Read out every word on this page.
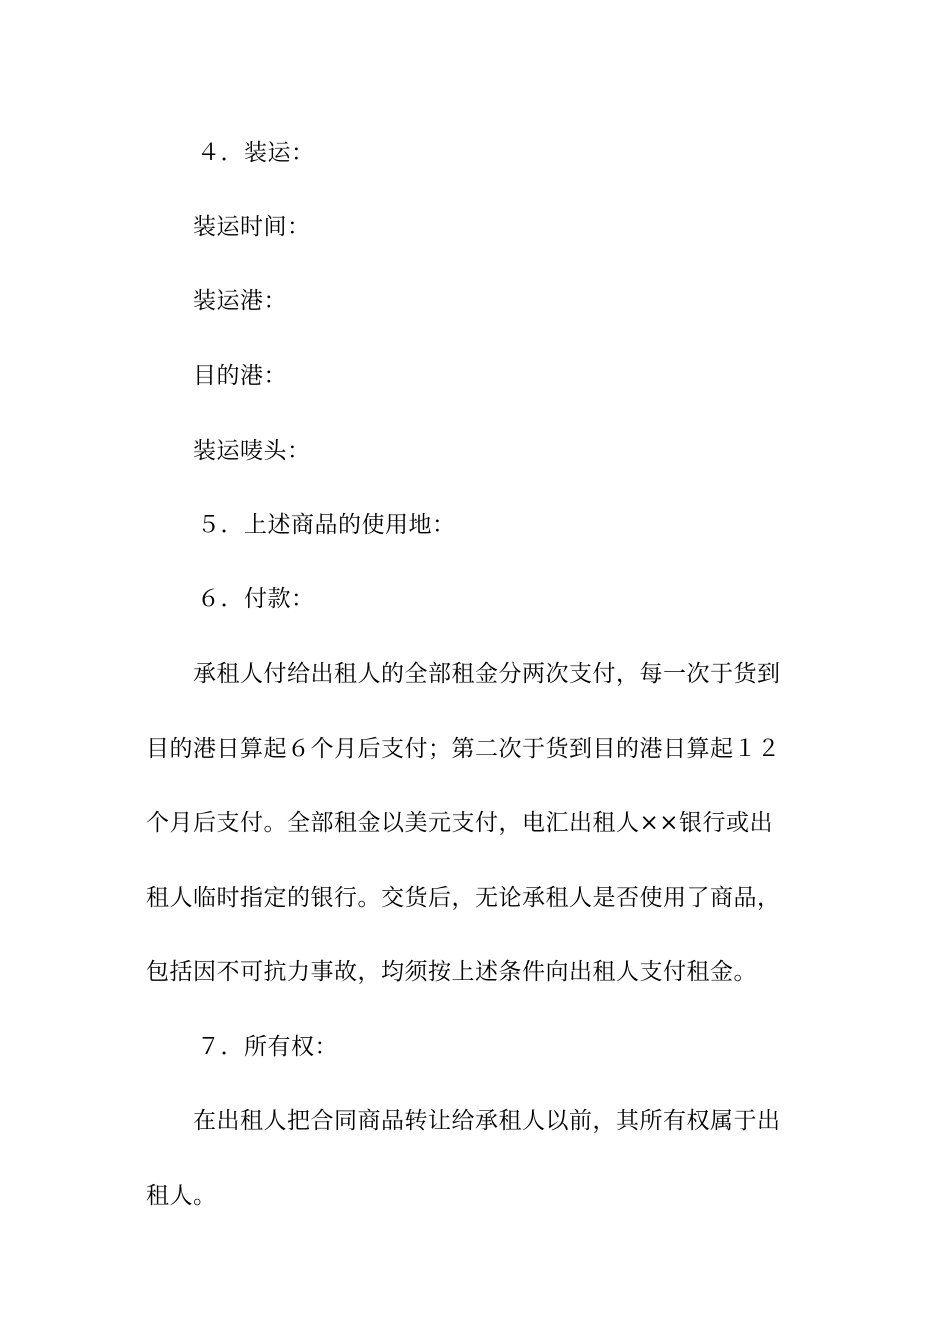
４．装运：
装运时间：
装运港：
目的港：
装运唛头：
５．上述商品的使用地：
６．付款：
承租人付给出租人的全部租金分两次支付，每一次于货到
目的港日算起６个月后支付；第二次于货到目的港日算起１２
个月后支付。全部租金以美元支付，电汇出租人××银行或出
租人临时指定的银行。交货后，无论承租人是否使用了商品，
包括因不可抗力事故，均须按上述条件向出租人支付租金。
７．所有权：
在出租人把合同商品转让给承租人以前，其所有权属于出
租人。
